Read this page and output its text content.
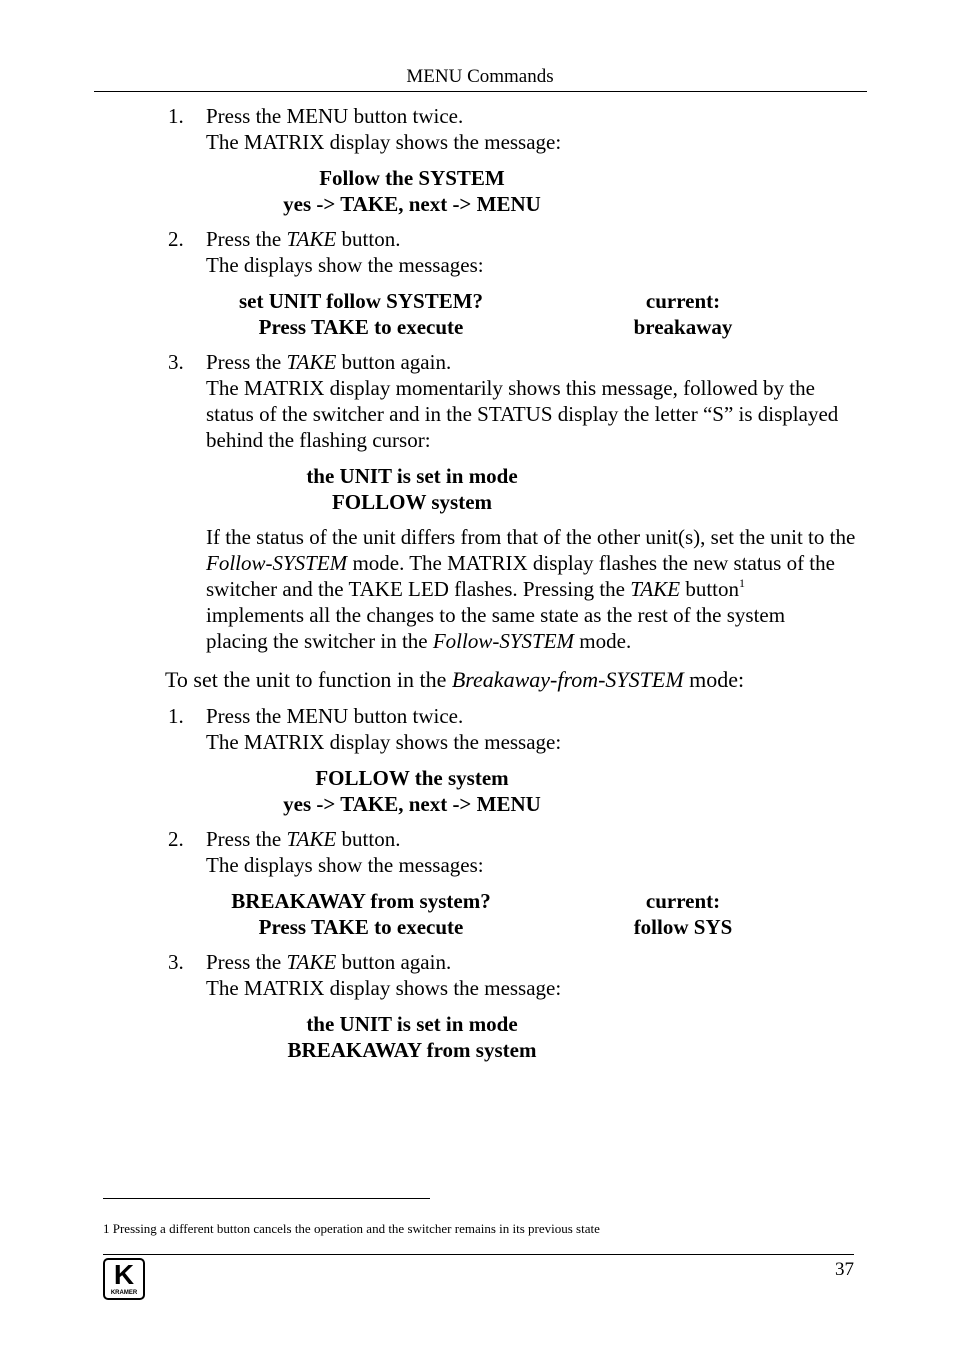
MENU Commands
1. Press the MENU button twice.
The MATRIX display shows the message:
Follow the SYSTEM
yes -> TAKE, next -> MENU
2. Press the TAKE button.
The displays show the messages:
set UNIT follow SYSTEM?
Press TAKE to execute
current:
breakaway
3. Press the TAKE button again.
The MATRIX display momentarily shows this message, followed by the
status of the switcher and in the STATUS display the letter “S” is displayed
behind the flashing cursor:
the UNIT is set in mode
FOLLOW system
If the status of the unit differs from that of the other unit(s), set the unit to the
Follow-SYSTEM mode. The MATRIX display flashes the new status of the
switcher and the TAKE LED flashes. Pressing the TAKE button$^1$
implements all the changes to the same state as the rest of the system
placing the switcher in the Follow-SYSTEM mode.
To set the unit to function in the Breakaway-from-SYSTEM mode:
1. Press the MENU button twice.
The MATRIX display shows the message:
FOLLOW the system
yes -> TAKE, next -> MENU
2. Press the TAKE button.
The displays show the messages:
BREAKAWAY from system?
Press TAKE to execute
current:
follow SYS
3. Press the TAKE button again.
The MATRIX display shows the message:
the UNIT is set in mode
BREAKAWAY from system
1 Pressing a different button cancels the operation and the switcher remains in its previous state
K
KRAMER
37
